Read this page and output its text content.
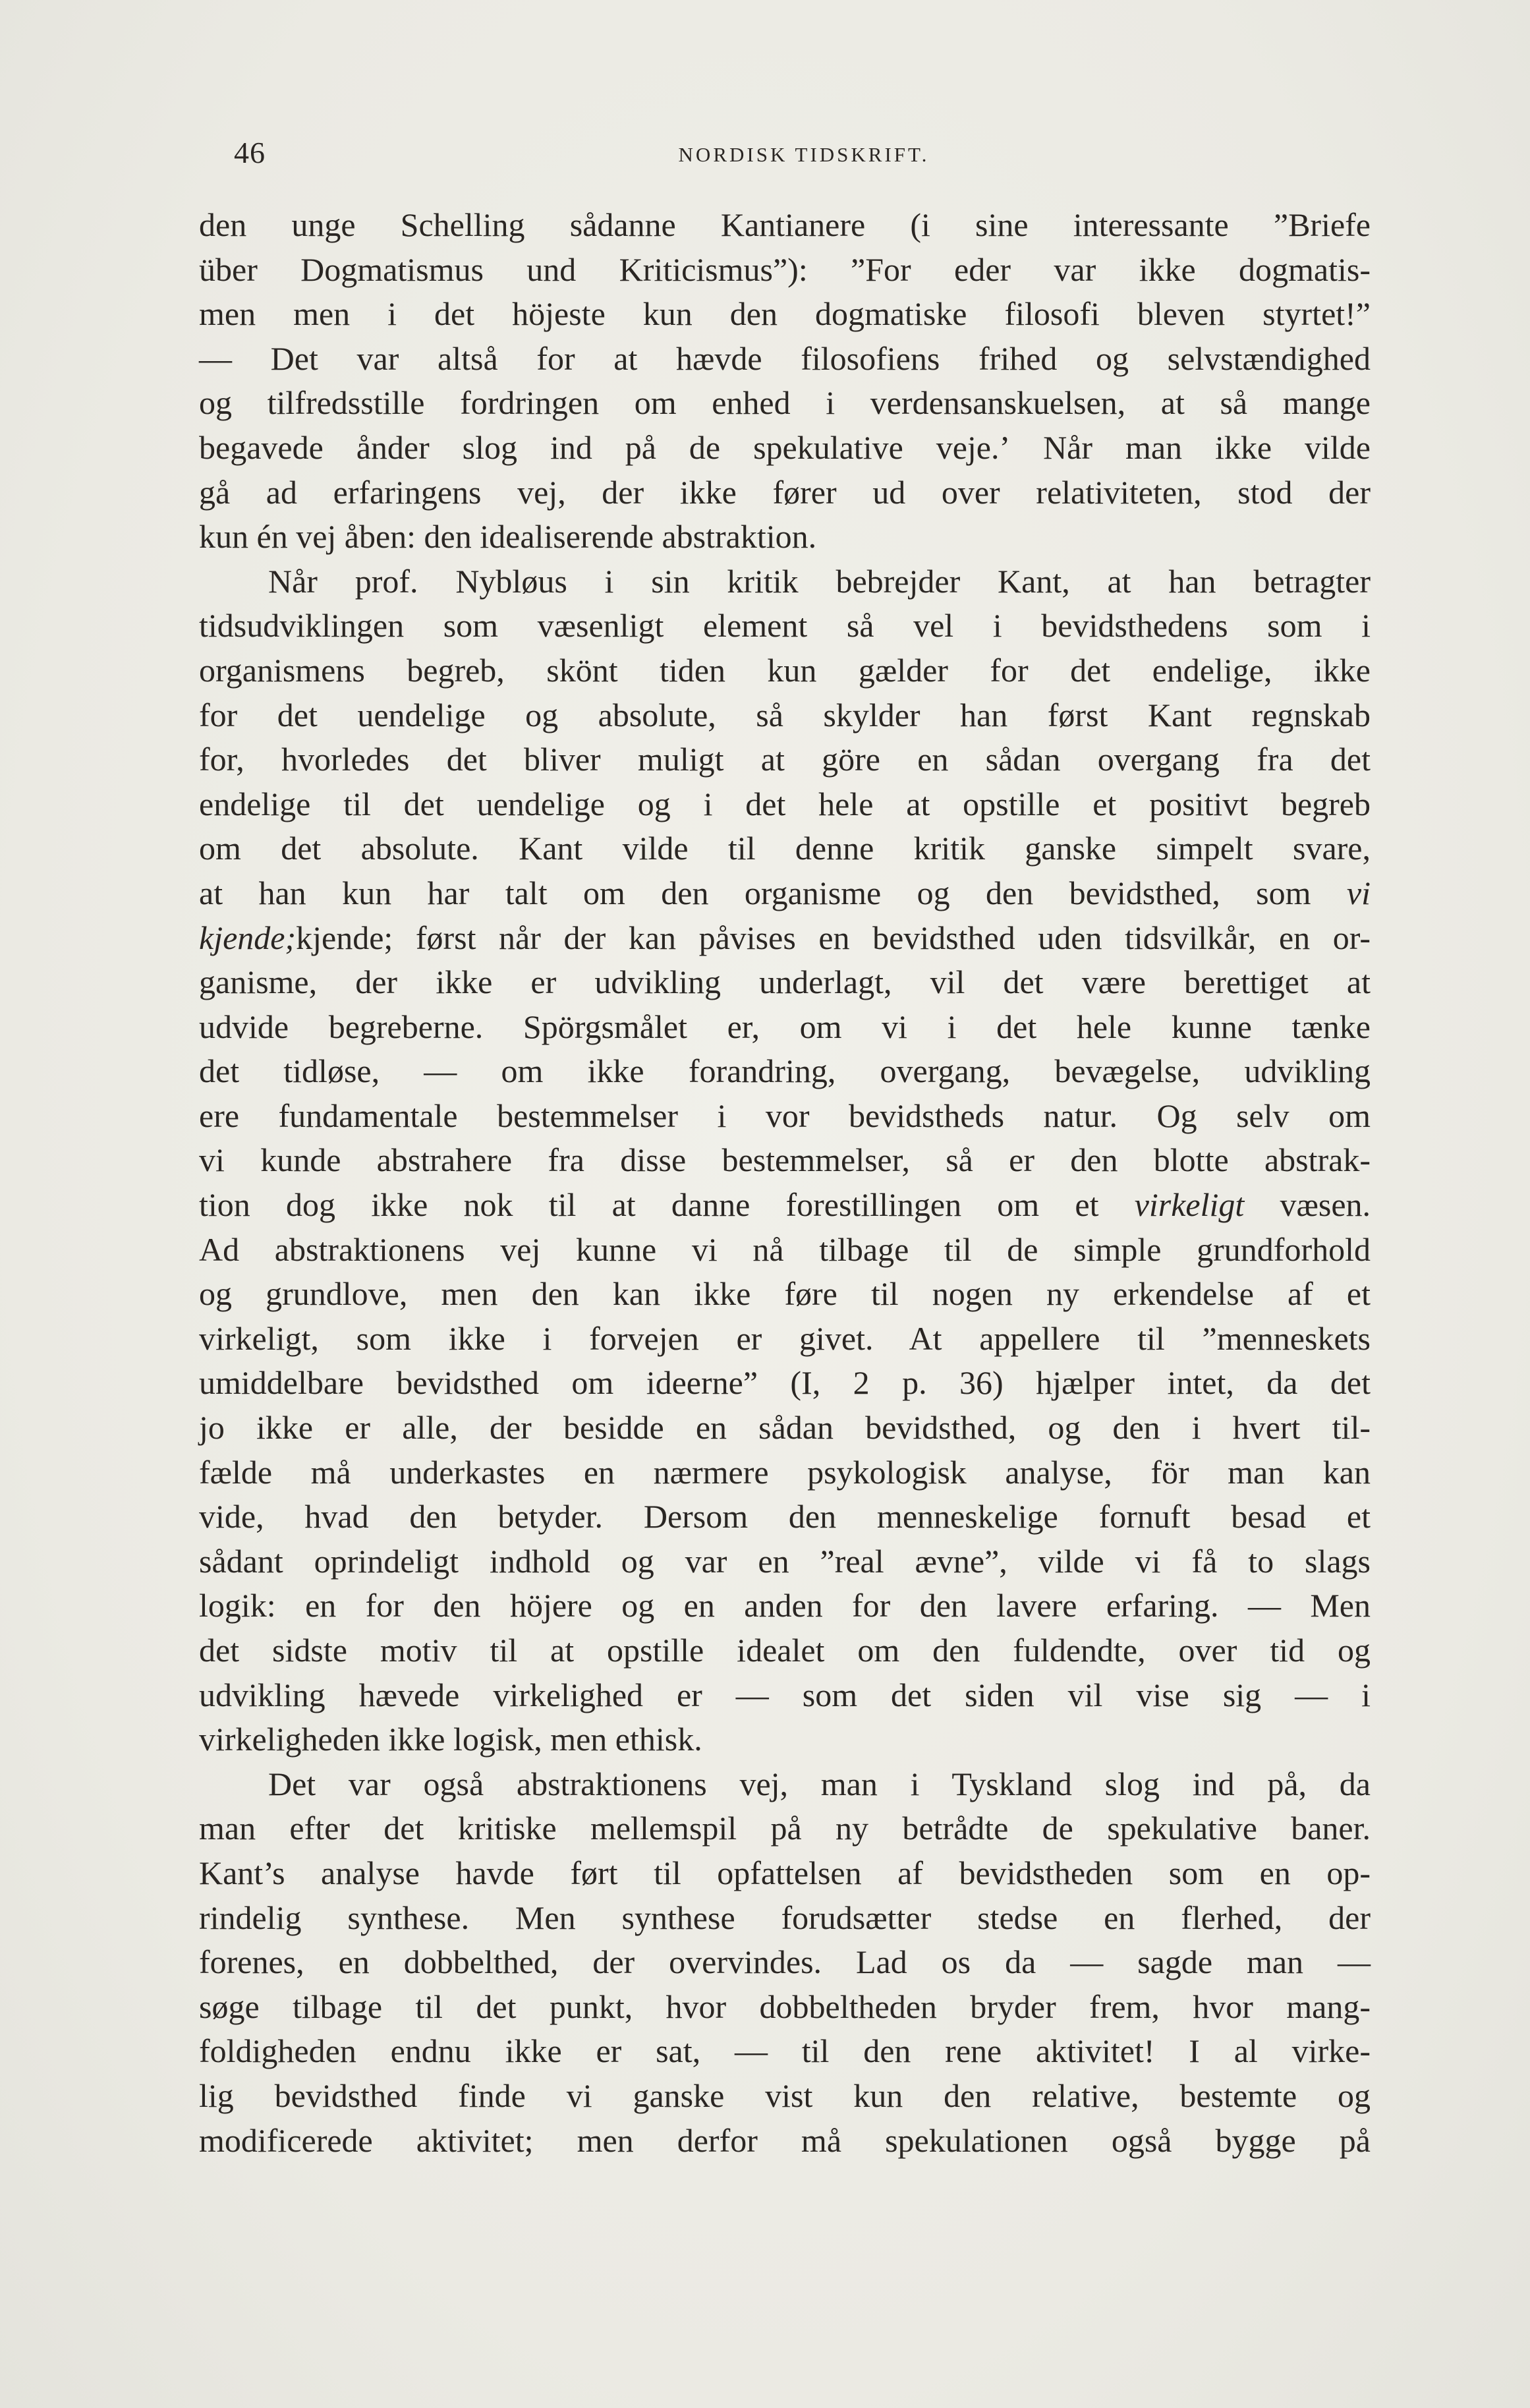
46	NORDISK TIDSKRIFT.
den unge Schelling sådanne Kantianere (i sine interessante ”Briefe
über Dogmatismus und Kriticismus”): ”For eder var ikke dogmatis-
men men i det höjeste kun den dogmatiske filosofi bleven styrtet!”
— Det var altså for at hævde filosofiens frihed og selvstændighed
og tilfredsstille fordringen om enhed i verdensanskuelsen, at så mange
begavede ånder slog ind på de spekulative veje.ʼ Når man ikke vilde
gå ad erfaringens vej, der ikke fører ud over relativiteten, stod der
kun én vej åben: den idealiserende abstraktion.
Når prof. Nybløus i sin kritik bebrejder Kant, at han betragter
tidsudviklingen som væsenligt element så vel i bevidsthedens som i
organismens begreb, skönt tiden kun gælder for det endelige, ikke
for det uendelige og absolute, så skylder han først Kant regnskab
for, hvorledes det bliver muligt at göre en sådan overgang fra det
endelige til det uendelige og i det hele at opstille et positivt begreb
om det absolute. Kant vilde til denne kritik ganske simpelt svare,
at han kun har talt om den organisme og den bevidsthed, som vi
kjende;kjende; først når der kan påvises en bevidsthed uden tidsvilkår, en or-
ganisme, der ikke er udvikling underlagt, vil det være berettiget at
udvide begreberne. Spörgsmålet er, om vi i det hele kunne tænke
det tidløse, — om ikke forandring, overgang, bevægelse, udvikling
ere fundamentale bestemmelser i vor bevidstheds natur. Og selv om
vi kunde abstrahere fra disse bestemmelser, så er den blotte abstrak-
tion dog ikke nok til at danne forestillingen om et virkeligt væsen.
Ad abstraktionens vej kunne vi nå tilbage til de simple grundforhold
og grundlove, men den kan ikke føre til nogen ny erkendelse af et
virkeligt, som ikke i forvejen er givet. At appellere til ”menneskets
umiddelbare bevidsthed om ideerne” (I, 2 p. 36) hjælper intet, da det
jo ikke er alle, der besidde en sådan bevidsthed, og den i hvert til-
fælde må underkastes en nærmere psykologisk analyse, för man kan
vide, hvad den betyder. Dersom den menneskelige fornuft besad et
sådant oprindeligt indhold og var en ”real ævne”, vilde vi få to slags
logik: en for den höjere og en anden for den lavere erfaring. — Men
det sidste motiv til at opstille idealet om den fuldendte, over tid og
udvikling hævede virkelighed er — som det siden vil vise sig — i
virkeligheden ikke logisk, men ethisk.
Det var også abstraktionens vej, man i Tyskland slog ind på, da
man efter det kritiske mellemspil på ny betrådte de spekulative baner.
Kant’s analyse havde ført til opfattelsen af bevidstheden som en op-
rindelig synthese. Men synthese forudsætter stedse en flerhed, der
forenes, en dobbelthed, der overvindes. Lad os da — sagde man —
søge tilbage til det punkt, hvor dobbeltheden bryder frem, hvor mang-
foldigheden endnu ikke er sat, — til den rene aktivitet! I al virke-
lig bevidsthed finde vi ganske vist kun den relative, bestemte og
modificerede aktivitet; men derfor må spekulationen også bygge på
